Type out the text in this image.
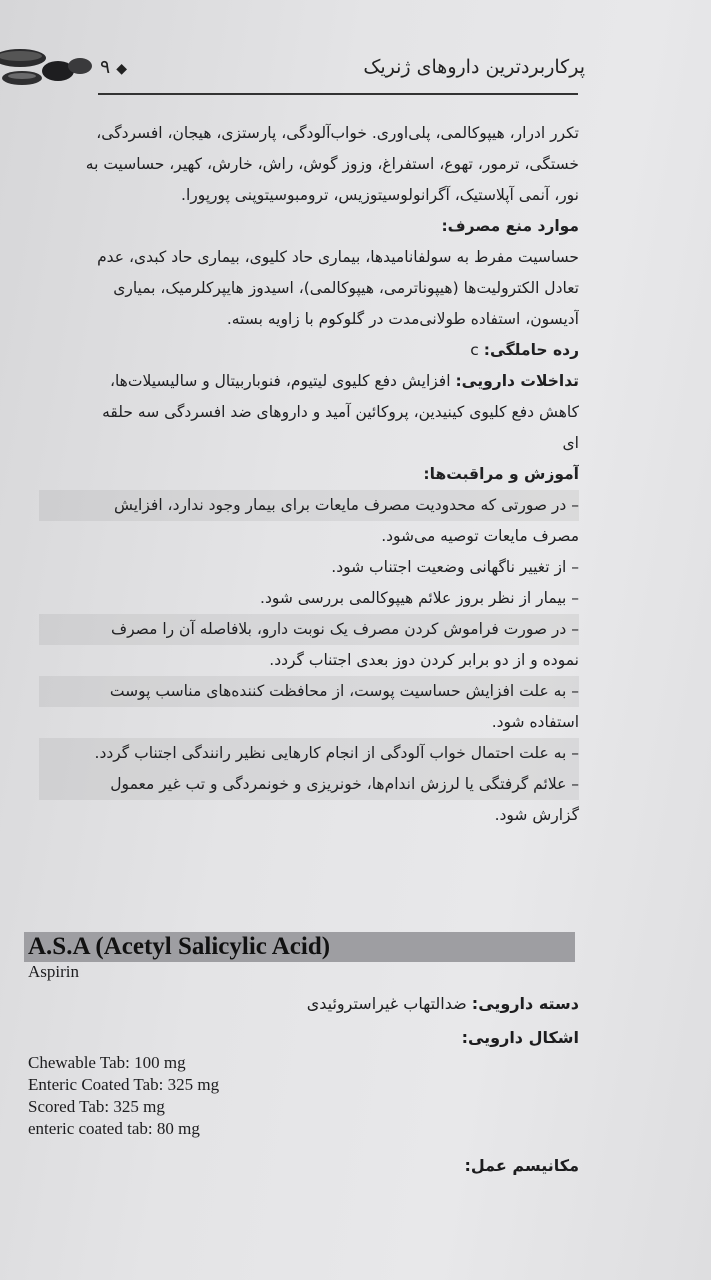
۹ ◆	پرکاربردترین داروهای ژنریک
تکرر ادرار، هیپوکالمی، پلی‌اوری. خواب‌آلودگی، پارستزی، هیجان، افسردگی،
خستگی، ترمور، تهوع، استفراغ، وزوز گوش، راش، خارش، کهیر، حساسیت به
نور، آنمی آپلاستیک، آگرانولوسیتوزیس، ترومبوسیتوپنی پورپورا.
موارد منع مصرف:
حساسیت مفرط به سولفانامیدها، بیماری حاد کلیوی، بیماری حاد کبدی، عدم
تعادل الکترولیت‌ها (هیپوناترمی، هیپوکالمی)، اسیدوز هایپرکلرمیک، بمیاری
آدیسون، استفاده طولانی‌مدت در گلوکوم با زاویه بسته.
رده حاملگی: c
تداخلات دارویی: افزایش دفع کلیوی لیتیوم، فنوباربیتال و سالیسیلات‌ها،
کاهش دفع کلیوی کینیدین، پروکائین آمید و داروهای ضد افسردگی سه حلقه
ای
آموزش و مراقبت‌ها:
– در صورتی که محدودیت مصرف مایعات برای بیمار وجود ندارد، افزایش
مصرف مایعات توصیه می‌شود.
– از تغییر ناگهانی وضعیت اجتناب شود.
– بیمار از نظر بروز علائم هیپوکالمی بررسی شود.
– در صورت فراموش کردن مصرف یک نوبت دارو، بلافاصله آن را مصرف
نموده و از دو برابر کردن دوز بعدی اجتناب گردد.
– به علت افزایش حساسیت پوست، از محافظت کننده‌های مناسب پوست
استفاده شود.
– به علت احتمال خواب آلودگی از انجام کارهایی نظیر رانندگی اجتناب گردد.
– علائم گرفتگی یا لرزش اندام‌ها، خونریزی و خونمردگی و تب غیر معمول
گزارش شود.
A.S.A (Acetyl Salicylic Acid)
Aspirin
دسته دارویی: ضدالتهاب غیراستروئیدی
اشکال دارویی:
Chewable Tab: 100 mg
Enteric Coated Tab: 325 mg
Scored Tab: 325 mg
enteric coated tab: 80 mg
مکانیسم عمل:
